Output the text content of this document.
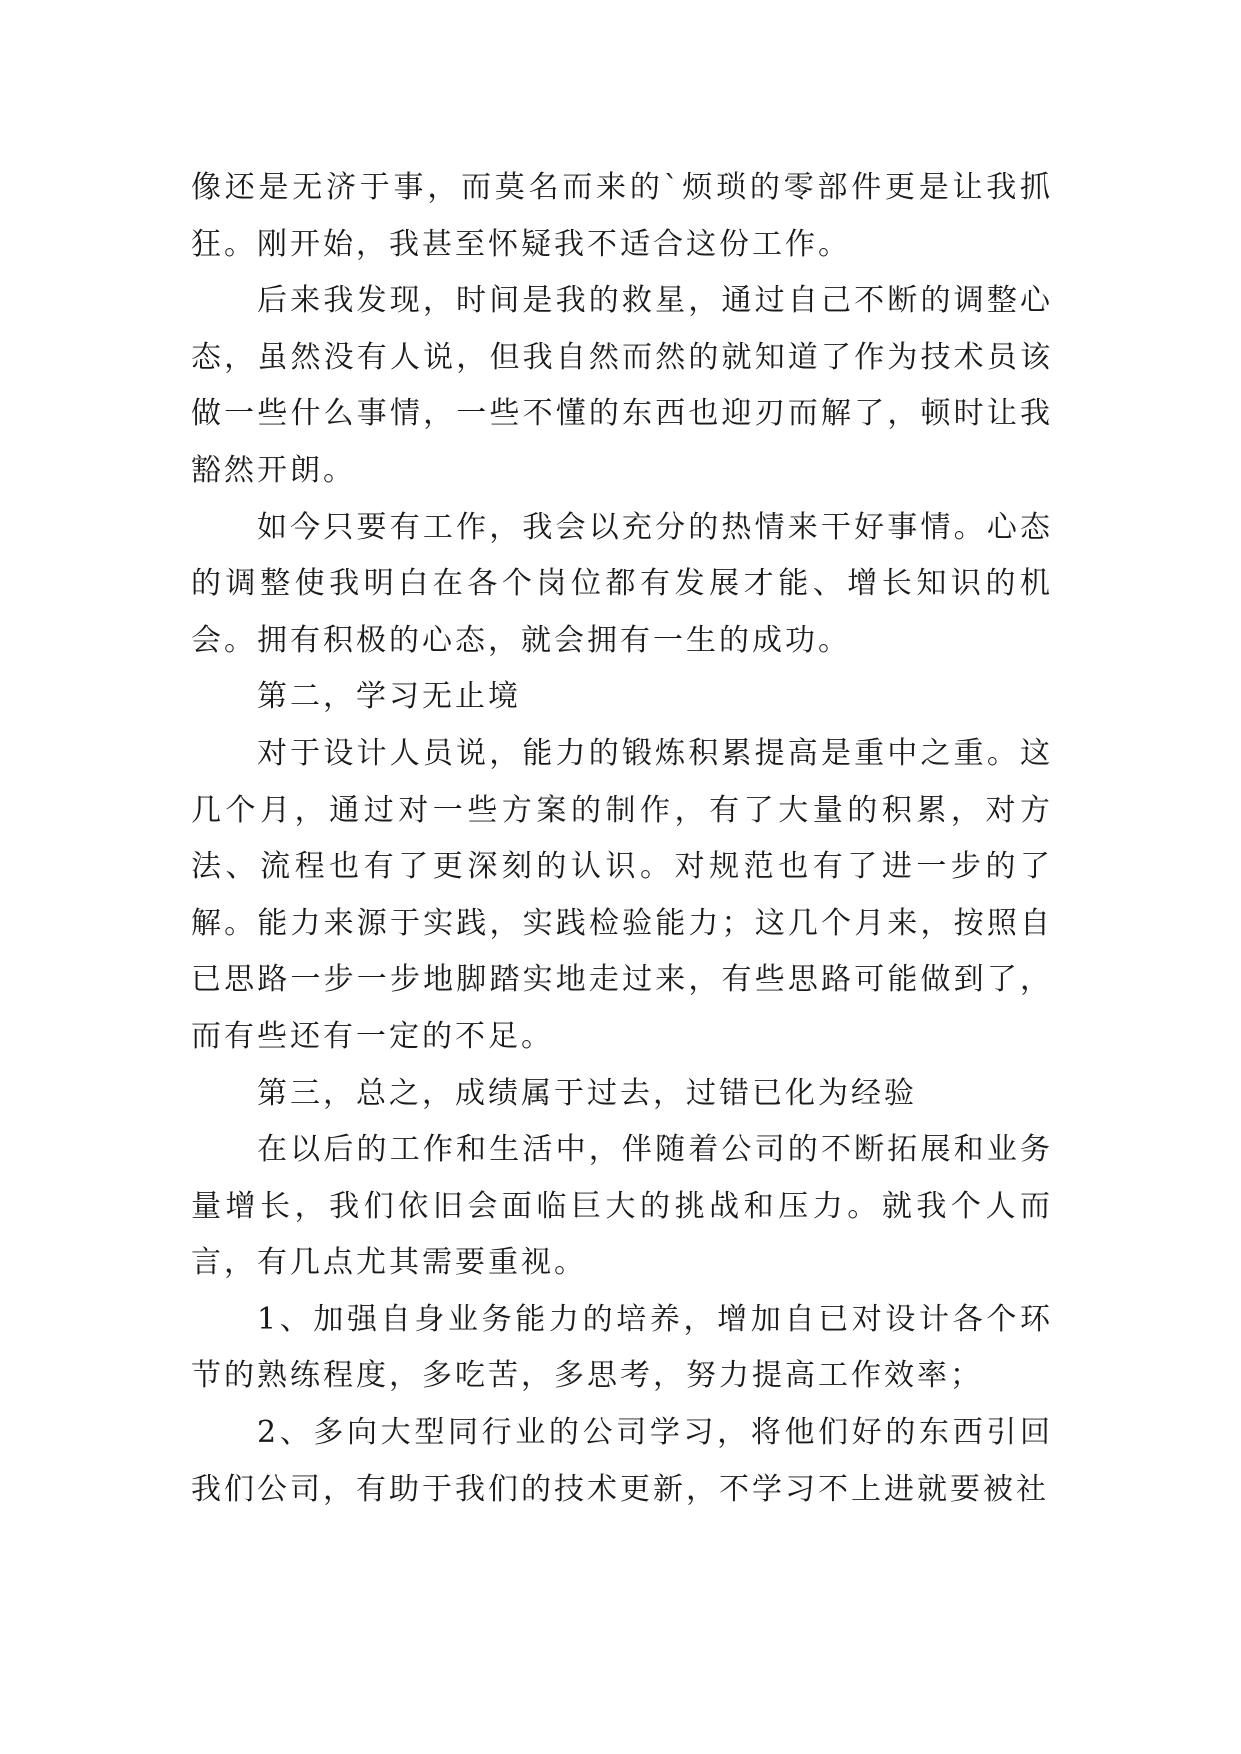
像还是无济于事，而莫名而来的`烦琐的零部件更是让我抓狂。刚开始，我甚至怀疑我不适合这份工作。

后来我发现，时间是我的救星，通过自己不断的调整心态，虽然没有人说，但我自然而然的就知道了作为技术员该做一些什么事情，一些不懂的东西也迎刃而解了，顿时让我豁然开朗。

如今只要有工作，我会以充分的热情来干好事情。心态的调整使我明白在各个岗位都有发展才能、增长知识的机会。拥有积极的心态，就会拥有一生的成功。

第二，学习无止境

对于设计人员说，能力的锻炼积累提高是重中之重。这几个月，通过对一些方案的制作，有了大量的积累，对方法、流程也有了更深刻的认识。对规范也有了进一步的了解。能力来源于实践，实践检验能力；这几个月来，按照自已思路一步一步地脚踏实地走过来，有些思路可能做到了，而有些还有一定的不足。

第三，总之，成绩属于过去，过错已化为经验

在以后的工作和生活中，伴随着公司的不断拓展和业务量增长，我们依旧会面临巨大的挑战和压力。就我个人而言，有几点尤其需要重视。

1、加强自身业务能力的培养，增加自已对设计各个环节的熟练程度，多吃苦，多思考，努力提高工作效率；

2、多向大型同行业的公司学习，将他们好的东西引回我们公司，有助于我们的技术更新，不学习不上进就要被社
